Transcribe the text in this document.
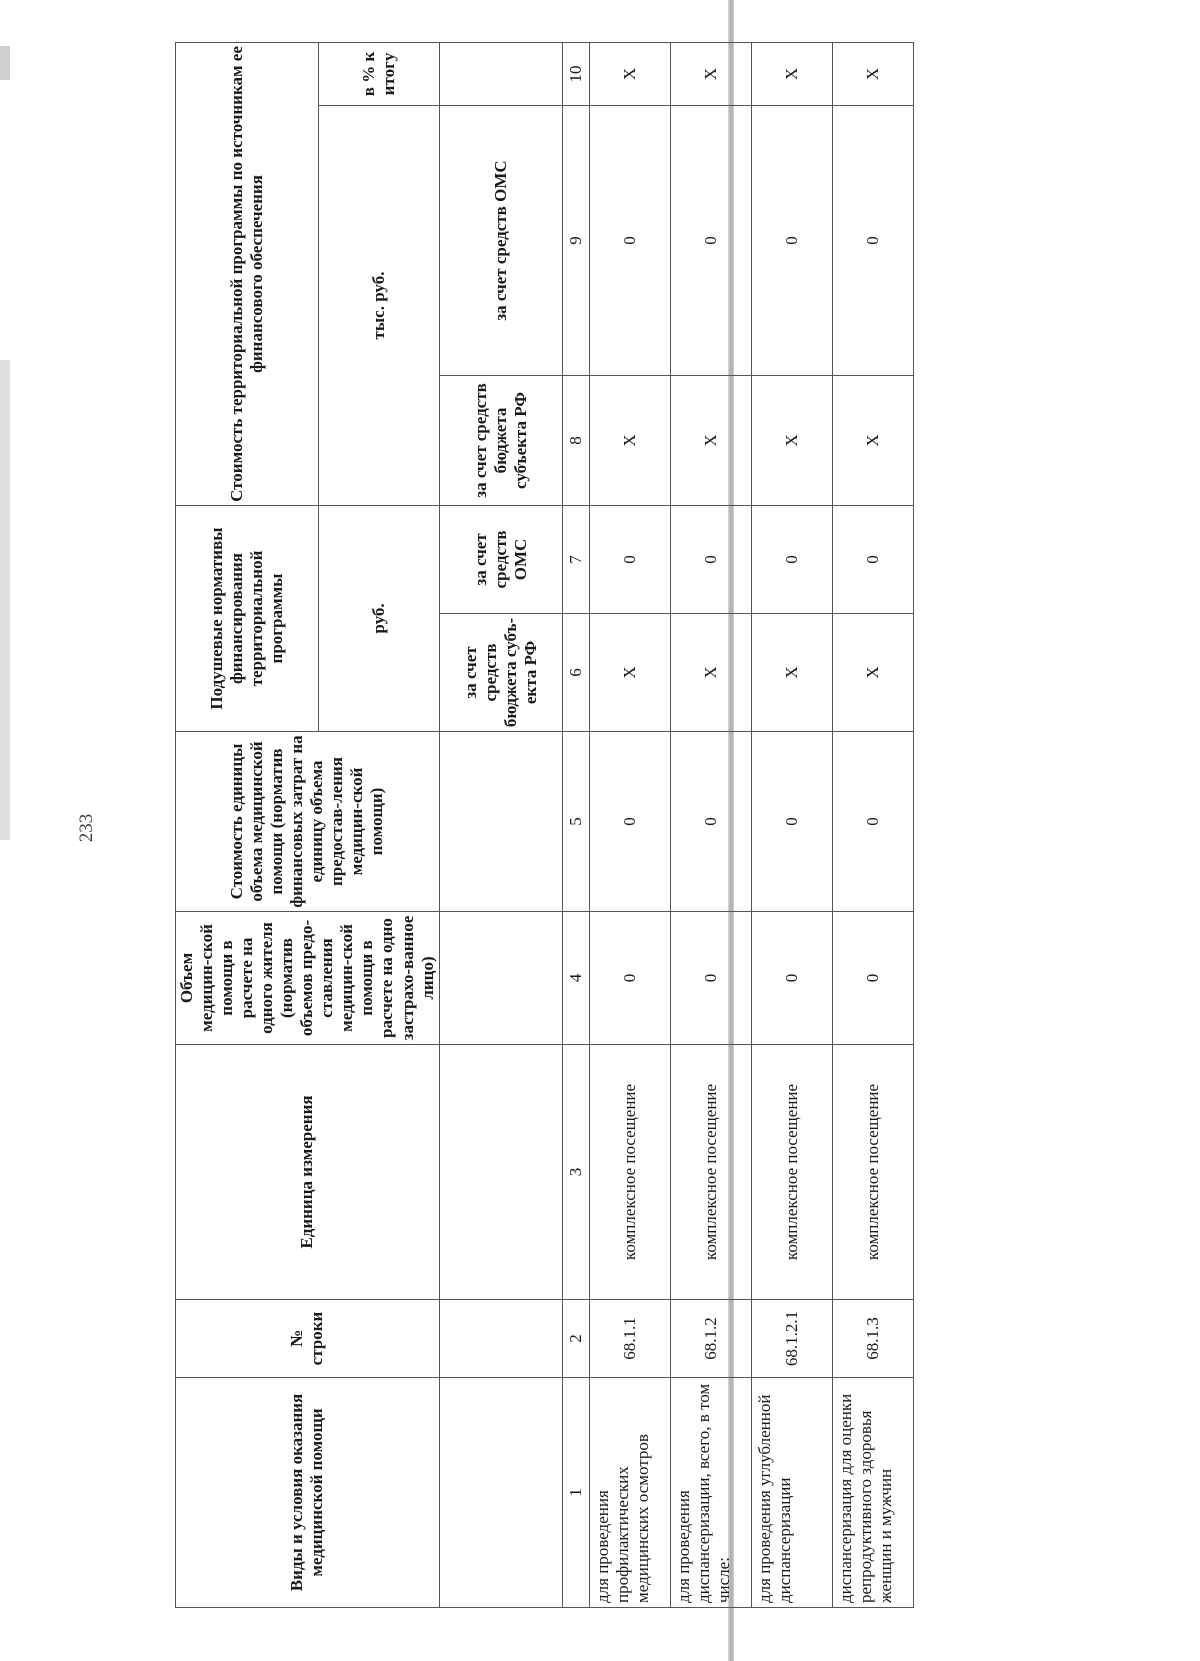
233
Виды и условия оказания медицинской помощи	№ строки	Единица измерения	Объем медицин-ской помощи в расчете на одного жителя (норматив объемов предо-ставления медицин-ской помощи в расчете на одно застрахо-ванное лицо)	Стоимость единицы объема медицинской помощи (норматив финансовых затрат на единицу объема предостав-ления медицин-ской помощи)	Подушевые нормативы финансирования территориальной программы		Стоимость территориальной программы по источникам ее финансового обеспечения		
					руб.		тыс. руб.		в % к итогу

					за счет средств бюджета субъ-екта РФ	за счет средств ОМС	за счет средств бюджета субъекта РФ	за счет средств ОМС	
1	2	3	4	5	6	7	8	9	10
для проведения профилактических медицинских осмотров	68.1.1	комплексное посещение	0	0	X	0	X	0	X
для проведения диспансеризации, всего, в том числе:	68.1.2	комплексное посещение	0	0	X	0	X	0	X
для проведения углубленной диспансеризации	68.1.2.1	комплексное посещение	0	0	X	0	X	0	X
диспансеризация для оценки репродуктивного здоровья женщин и мужчин	68.1.3	комплексное посещение	0	0	X	0	X	0	X
